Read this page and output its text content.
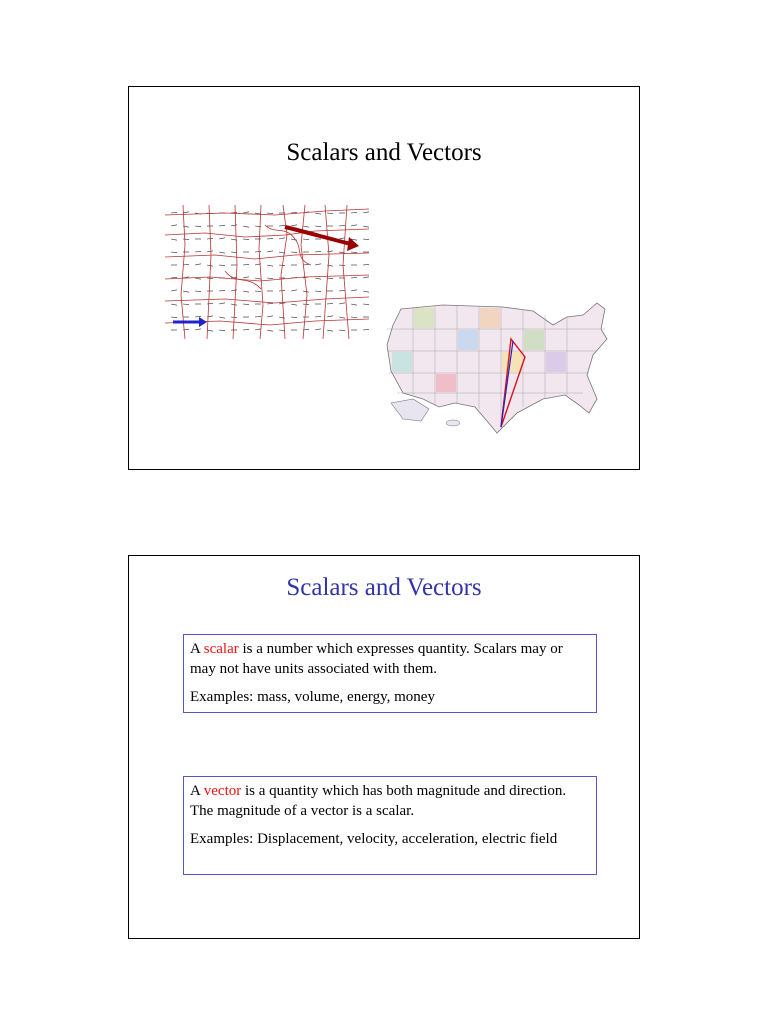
Scalars and Vectors
Scalars and Vectors

A scalar is a number which expresses quantity. Scalars may or may not have units associated with them.

Examples: mass, volume, energy, money

A vector is a quantity which has both magnitude and direction. The magnitude of a vector is a scalar.

Examples: Displacement, velocity, acceleration, electric field
